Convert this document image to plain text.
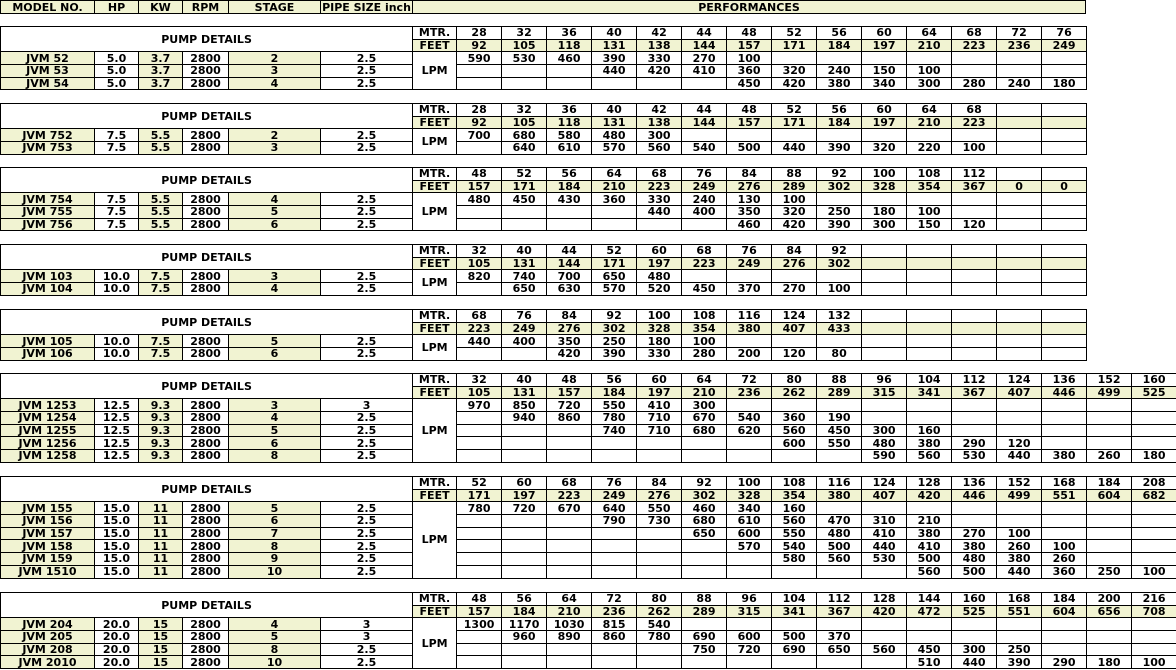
MODEL NO.	HP	KW	RPM	STAGE	PIPE SIZE inch	PERFORMANCES
PUMP DETAILS						MTR.	28	32	36	40	42	44	48	52	56	60	64	68	72	76
						FEET	92	105	118	131	138	144	157	171	184	197	210	223	236	249
JVM 52	5.0	3.7	2800	2	2.5	LPM	590	530	460	390	330	270	100							
JVM 53	5.0	3.7	2800	3	2.5					440	420	410	360	320	240	150	100			
JVM 54	5.0	3.7	2800	4	2.5								450	420	380	340	300	280	240	180
PUMP DETAILS						MTR.	28	32	36	40	42	44	48	52	56	60	64	68		
						FEET	92	105	118	131	138	144	157	171	184	197	210	223		
JVM 752	7.5	5.5	2800	2	2.5	LPM	700	680	580	480	300									
JVM 753	7.5	5.5	2800	3	2.5			640	610	570	560	540	500	440	390	320	220	100		
PUMP DETAILS						MTR.	48	52	56	64	68	76	84	88	92	100	108	112		
						FEET	157	171	184	210	223	249	276	289	302	328	354	367	0	0
JVM 754	7.5	5.5	2800	4	2.5	LPM	480	450	430	360	330	240	130	100						
JVM 755	7.5	5.5	2800	5	2.5						440	400	350	320	250	180	100			
JVM 756	7.5	5.5	2800	6	2.5								460	420	390	300	150	120		
PUMP DETAILS						MTR.	32	40	44	52	60	68	76	84	92					
						FEET	105	131	144	171	197	223	249	276	302					
JVM 103	10.0	7.5	2800	3	2.5	LPM	820	740	700	650	480									
JVM 104	10.0	7.5	2800	4	2.5			650	630	570	520	450	370	270	100					
PUMP DETAILS						MTR.	68	76	84	92	100	108	116	124	132					
						FEET	223	249	276	302	328	354	380	407	433					
JVM 105	10.0	7.5	2800	5	2.5	LPM	440	400	350	250	180	100								
JVM 106	10.0	7.5	2800	6	2.5				420	390	330	280	200	120	80					
PUMP DETAILS						MTR.	32	40	48	56	60	64	72	80	88	96	104	112	124	136	152	160
						FEET	105	131	157	184	197	210	236	262	289	315	341	367	407	446	499	525
JVM 1253	12.5	9.3	2800	3	3	LPM	970	850	720	550	410	300										
JVM 1254	12.5	9.3	2800	4	2.5			940	860	780	710	670	540	360	190							
JVM 1255	12.5	9.3	2800	5	2.5					740	710	680	620	560	450	300	160					
JVM 1256	12.5	9.3	2800	6	2.5									600	550	480	380	290	120			
JVM 1258	12.5	9.3	2800	8	2.5											590	560	530	440	380	260	180
PUMP DETAILS						MTR.	52	60	68	76	84	92	100	108	116	124	128	136	152	168	184	208
						FEET	171	197	223	249	276	302	328	354	380	407	420	446	499	551	604	682
JVM 155	15.0	11	2800	5	2.5	LPM	780	720	670	640	550	460	340	160								
JVM 156	15.0	11	2800	6	2.5					790	730	680	610	560	470	310	210					
JVM 157	15.0	11	2800	7	2.5							650	600	550	480	410	380	270	100			
JVM 158	15.0	11	2800	8	2.5								570	540	500	440	410	380	260	100		
JVM 159	15.0	11	2800	9	2.5									580	560	530	500	480	380	260		
JVM 1510	15.0	11	2800	10	2.5												560	500	440	360	250	100
PUMP DETAILS						MTR.	48	56	64	72	80	88	96	104	112	128	144	160	168	184	200	216
						FEET	157	184	210	236	262	289	315	341	367	420	472	525	551	604	656	708
JVM 204	20.0	15	2800	4	3	LPM	1300	1170	1030	815	540											
JVM 205	20.0	15	2800	5	3			960	890	860	780	690	600	500	370							
JVM 208	20.0	15	2800	8	2.5							750	720	690	650	560	450	300	250			
JVM 2010	20.0	15	2800	10	2.5												510	440	390	290	180	100
